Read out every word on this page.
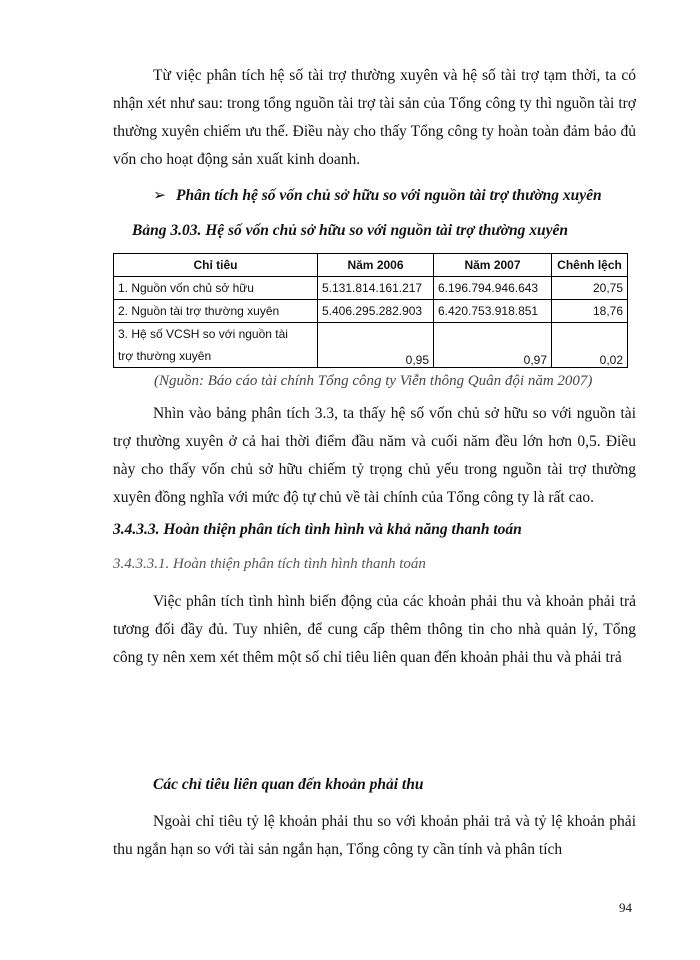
Từ việc phân tích hệ số tài trợ thường xuyên và hệ số tài trợ tạm thời, ta có nhận xét như sau: trong tổng nguồn tài trợ tài sản của Tổng công ty thì nguồn tài trợ thường xuyên chiếm ưu thế. Điều này cho thấy Tổng công ty hoàn toàn đảm bảo đủ vốn cho hoạt động sản xuất kinh doanh.

➢ Phân tích hệ số vốn chủ sở hữu so với nguồn tài trợ thường xuyên
Bảng 3.03. Hệ số vốn chủ sở hữu so với nguồn tài trợ thường xuyên
Chỉ tiêu	Năm 2006	Năm 2007	Chênh lệch
1. Nguồn vốn chủ sở hữu	5.131.814.161.217	6.196.794.946.643	20,75
2. Nguồn tài trợ thường xuyên	5.406.295.282.903	6.420.753.918.851	18,76

3. Hệ số VCSH so với nguồn tài
trợ thường xuyên	0,95	0,97	0,02
(Nguồn: Báo cáo tài chính Tổng công ty Viễn thông Quân đội năm 2007)

Nhìn vào bảng phân tích 3.3, ta thấy hệ số vốn chủ sở hữu so với nguồn tài trợ thường xuyên ở cả hai thời điểm đầu năm và cuối năm đều lớn hơn 0,5. Điều này cho thấy vốn chủ sở hữu chiếm tỷ trọng chủ yếu trong nguồn tài trợ thường xuyên đồng nghĩa với mức độ tự chủ về tài chính của Tổng công ty là rất cao.

3.4.3.3. Hoàn thiện phân tích tình hình và khả năng thanh toán
3.4.3.3.1. Hoàn thiện phân tích tình hình thanh toán

Việc phân tích tình hình biến động của các khoản phải thu và khoản phải trả tương đối đầy đủ. Tuy nhiên, để cung cấp thêm thông tin cho nhà quản lý, Tổng công ty nên xem xét thêm một số chỉ tiêu liên quan đến khoản phải thu và phải trả

Các chỉ tiêu liên quan đến khoản phải thu

Ngoài chỉ tiêu tỷ lệ khoản phải thu so với khoản phải trả và tỷ lệ khoản phải thu ngắn hạn so với tài sản ngắn hạn, Tổng công ty cần tính và phân tích

94
